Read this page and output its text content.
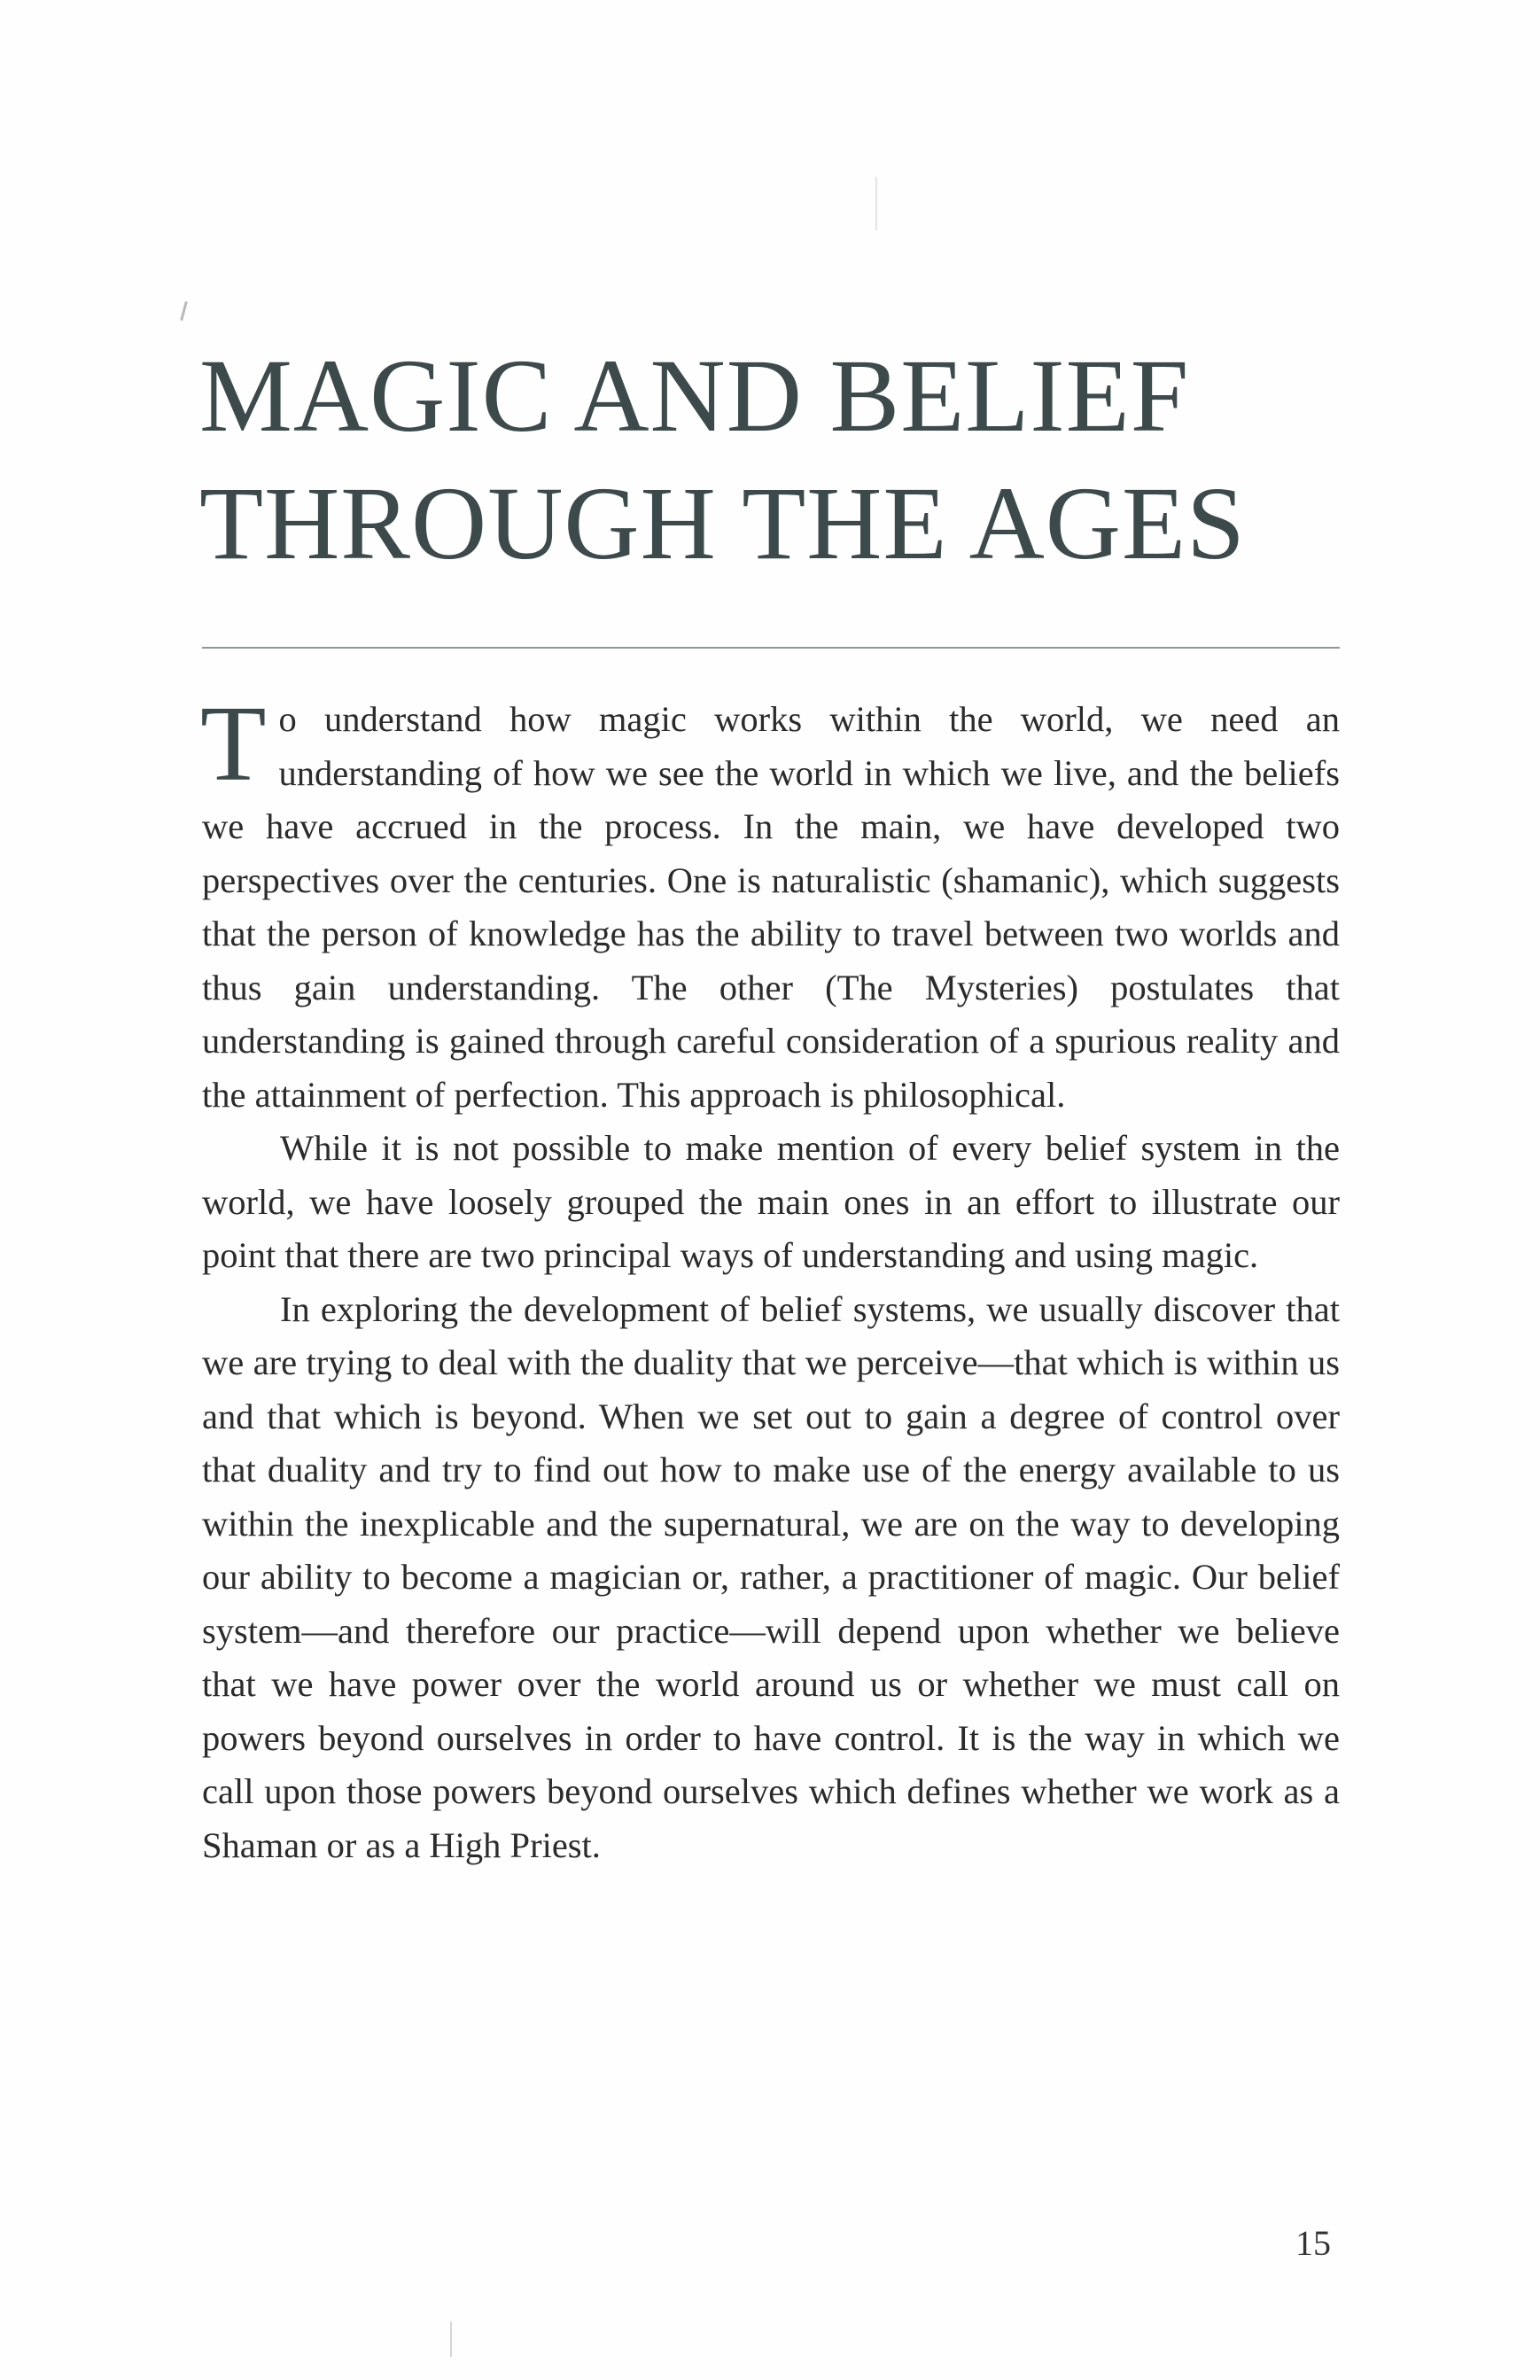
MAGIC AND BELIEF
THROUGH THE AGES

To understand how magic works within the world, we need an understanding of how we see the world in which we live, and the beliefs we have accrued in the process. In the main, we have developed two perspectives over the centuries. One is naturalistic (shamanic), which suggests that the person of knowledge has the ability to travel between two worlds and thus gain understanding. The other (The Mysteries) postulates that understanding is gained through careful consideration of a spurious reality and the attainment of perfection. This approach is philosophical.

While it is not possible to make mention of every belief system in the world, we have loosely grouped the main ones in an effort to illustrate our point that there are two principal ways of understanding and using magic.

In exploring the development of belief systems, we usually discover that we are trying to deal with the duality that we perceive—that which is within us and that which is beyond. When we set out to gain a degree of control over that duality and try to find out how to make use of the energy available to us within the inexplicable and the supernatural, we are on the way to developing our ability to become a magician or, rather, a practitioner of magic. Our belief system—and therefore our practice—will depend upon whether we believe that we have power over the world around us or whether we must call on powers beyond ourselves in order to have control. It is the way in which we call upon those powers beyond ourselves which defines whether we work as a Shaman or as a High Priest.

15
